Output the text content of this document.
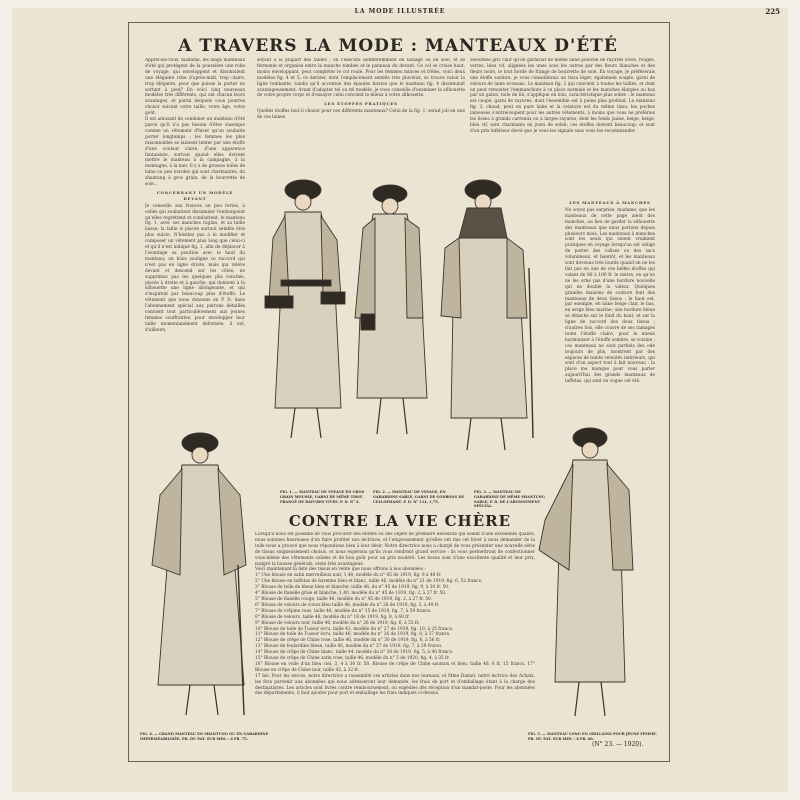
LA MODE ILLUSTRÉE	225
A TRAVERS LA MODE : MANTEAUX D'ÉTÉ

Appréciez-vous, madame, les longs manteaux d'été qui protègent de la poussière une robe de voyage, qui enveloppent et dissimulent une élégante robe d'après-midi, trop claire, trop élégante, pour que puisse la porter en sortant à pied? En voici cinq nouveaux modèles très différents, qui ont chacun leurs avantages, et parmi lesquels vous pourrez choisir suivant votre taille, votre âge, votre goût.

Il est amusant de combiner un manteau d'été parce qu'il n'a pas besoin d'être classique comme un vêtement d'hiver qu'on souhaite porter longtemps ; les femmes les plus raisonnables se laissent tenter par une étoffe d'une couleur claire, d'une apparence fantaisiste, surtout quand elles doivent mettre le manteau à la campagne, à la montagne, à la mer. Il y a de grosses toiles de laine ou peu lourdes qui sont charmantes, du shantung à gros grain, de la bourrette de soie...

CONCERNANT UN MODÈLE DEVANT

Je conseille aux fronces un peu fortes, à celles qui souhaitent dissimuler l'embonpoint qu'elles regrettent et combattent, le manteau fig. 1, avec ses manches raglan, et sa taille basse; la taille is placée surtout semble être plus suivie. N'hésitez pas à le modifier et composer un vêtement plus long que celui-ci et qu'il n'est indiqué fig. 1, afin de déplacer à l'avantage sa position avec le haut du manteau; un biais souligne ce raccord qui n'est pas en ligne droite, mais qui relève devant et descend sur les côtés; ne supprimez pas les quelques plis ronchés, placés à droite et à gauche, qui donnent à la silhouette une ligne allongeante, et qui s'inspirent par beaucoup plus d'étoffe. Le vêtement que nous donnons en P. D. dans l'abonnement spécial aux patrons détaillés convient tout particulièrement aux jeunes femmes souffrantes, pour envelopper leur taille momentanément déformée; il est, d'ailleurs,

seyant à la plupart des tailles ; on l'exécute indifféremment en lainage ou en soie, et se fermente et organise entre la manche tombée et le panneau du devant. Ce col se croise haut, moins enveloppant, peut compléter le col roulé. Pour les femmes minces et frêles, voici deux modèles fig. 4 et 5; ce dernier, dont l'emplacement semble très pluvieux, se trouve valoir la ligne tombante, tandis qu'il accentue des épaules hautes que le manteau fig. 4 dissimulait avantageusement. Avant d'adopter tel ou tel modèle, je vous conseille d'examiner la silhouette de votre propre corps et d'essayer celui convient le mieux à votre silhouette.

LES ÉTOFFES PRATIQUES

Quelles étoffes faut-il choisir pour ces différents manteaux? Celui de la fig. 1, serait joli en une de ces laines

veloutées gris clair qu'on garnirait de même lame peluche de rayures vives, rouges, vertes, bleu vif, alignées les unes sous les autres par des fleurs blanches et des fleurs noirs, le tout bordé de frange de bourrette de soie. En voyage, je préférerais une étoffe sombre, je vous conseillerais un tissu léger, également souple, garni de velours de laine écossais. Le manteau fig. 2 qui convient à toutes les tailles, et dont on peut remonter l'emmanchure à ce place normale et les manches élargies au bas par un galon, toile de lin, s'applique en loin, caractéristique plus sobre : le manteau est coupé, garni de rayures, dont l'ensemble est à peine plus profond. Le manteau fig. 3, chaud, peut en pure laine et la ceinture est du même tissu, les poches laineuses s'entrecoupent pour les autres vêtements, à moins que vous ne préfériez les lisses à grands carreaux ou à larges rayures, dont les fonds jaune, beige, beige, bleu vif, sont charmants en jours de soleil; ces étoffes doivent beaucoup, et sont d'un prix inférieur élevé que je vous les signale sans vous les recommander.

LES MANTEAUX À MANCHES

Ne soyez pas surprise, madame, que les manteaux de cette page aient des manches, au lieu de garder la silhouette des manteaux que nous portons depuis plusieurs mois. Les manteaux à manches sont les seuls qui soient vraiment pratiques en voyage lorsqu'on est obligé de porter des valises ou des sacs volumineux, et bientôt, et les manteaux sont devenus très lourds quand on ne les fait pas en une de ces belles étoffes qui valent de 80 à 100 fr. le mètre, on qu'on ne les orne pas d'une bordure nouvelle qui en double la valeur. Quelques grandes maisons de couture font des manteaux de deux tissus : le haut est, par exemple, en laine beige clair, le bas, en serge bleu marine; une bordure bleue se détache sur le fond du haut, et sur la ligne de raccord des deux tissus ; d'autres fois, elle couvre de ses ramages toute l'étoffe claire, pour le mieux harmoniser à l'étoffe sombre, se voisine ; ces manteaux ne sont partiels des ode toujours de plis, montrent par des espaces de teinte veloutés intérieurs, qui sont d'un aspect tout à fait nouveau : la place me manque pour vous parler aujourd'hui des grands manteaux de taffetas, qui sont en vogue cet été.

FIG. 1. — MANTEAU DE VOYAGE EN GROS GRAIN MOUSSE, GARNI DE MÊME TISSU FRANGÉ DE RAYURES VIVES. P. D. N° 2.
FIG. 2. — MANTEAU DE VOYAGE, EN GABARDINE SABLE, GARNI DE GODRONS DE CELLOPHANE. P. D. N° 114, 1,75.
FIG. 3. — MANTEAU DE GABARDINE DE MÊME SHANTUNG SABLE, P. D. DE L'ABONNEMENT SPÉCIAL.
FIG. 4. — GRAND MANTEAU EN SHANTUNG OU EN GABARDINE IMPERMÉABILISÉE. PR. DU PAT. SUR MES. : 6 FR. 75.
FIG. 5. — MANTEAU LONG EN GRILLAINE POUR JEUNE FEMME. PR. DU PAT. SUR MES. : 8 FR. 60.
CONTRE LA VIE CHÈRE

Lorsqu'il nous est possible de vous procurer des étoffes ou des objets de première nécessité qui soient d'une excellente qualité, nous sommes heureuses d'en faire profiter nos lectrices, et l'empressement qu'elles ont mis cet hiver à nous demander de la toile nous a prouvé que nous répondions bien à leur désir. Notre directrice nous a chargé de vous présenter une nouvelle série de tissus soigneusement choisis, et nous espérons qu'ils vous rendront grand service : ils vous permettront de confectionner vous-même des vêtements solides et de bon goût pour un prix modéré. Les tissus sont d'une excellente qualité et leur prix, malgré la hausse générale, reste très avantageux.

Voici maintenant la liste des tissus en vente que nous offrons à nos abonnées :

1° Une blouse en satin merveilleux noir, 1,40, modèle du n° 45 de 1919, fig. 9 à 48 fr.

2° Une blouse en taffetas de barenne bleu et blanc, taille 46, modèle du n° 21 de 1919, fig. 6, 52 francs.

3° Blouse de toile de bleue bleu et blanche, taille 46, du n° 45 de 1919, fig. 9, à 30 fr. 50.

4° Blouse de flanelle grise et blanche, 1,40, modèle du n° 45 de 1919, fig. 2, à 27 fr. 50.

5° Blouse de flanelle rouge, taille 46, modèle du n° 45 de 1919, fig. 2, à 27 fr. 50.

6° Blouse de velours de coton bleu taille 46, modèle du n° 26 de 1919, fig. 2, à 49 fr.

7° Blouse de crêpine rose, taille 46, modèle du n° 15 de 1919, fig. 7, à 59 francs.

8° Blouse de velours, taille 46, modèle du n° 18 de 1919, fig. 8, à 60 fr.

9° Blouse de velours noir, taille 46, modèle du n° 26 de 1919, fig. 6, à 55 fr.

10° Blouse de toile de Tussor écru, taille 42, modèle du n° 27 de 1919, fig. 10, à 25 francs.

11° Blouse de toile de Tussor écru, taille 46, modèle du n° 26 de 1919, fig. 8, à 37 francs.

12° Blouse de crêpe de Chine rose, taille 46, modèle du n° 30 de 1919, fig. 6, à 56 fr.

13° Blouse de foulardine bleue, taille 46, modèle du n° 27 de 1919, fig. 7, à 29 francs.

14° Blouse de crêpe de Chine blanc, taille 44, modèle du n° 30 de 1919, fig. 5, à 40 francs.

15° Blouse de crêpe de Chine satin rose, taille 46, modèle du n° 5 de 1920, fig. 4, à 35 fr.

16° Blouse en voile d'un bleu ciel, 3, 4 à 30 fr. 50. Blouse de crêpe de Chine saumon et bleu, taille 46, 6 fr. 15 francs. 17° Blouse en crêpe de Chine noir, taille 42, à 32 fr.

17 bis. Pour les envois, notre directrice a rassemblé ces articles dans nos bureaux, et Mme Daniel, notre lectrice des Achats, les fera parvenir aux abonnées qui nous adresseront leur demande, les frais de port et d'emballage étant à la charge des destinataires. Les articles sont livrés contre remboursement, ou expédiés dès réception d'un mandat-poste. Pour les abonnées des départements, il faut ajouter pour port et emballage les frais indiqués ci-dessus.

(N° 23. — 1920).
